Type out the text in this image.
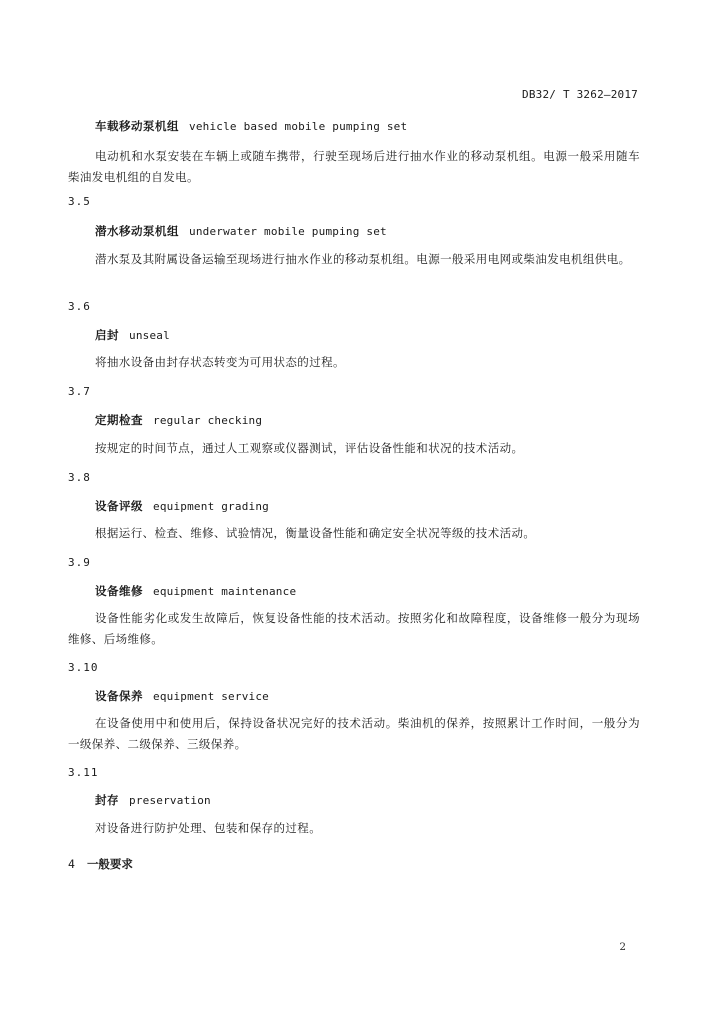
DB32/ T 3262—2017
车载移动泵机组 vehicle based mobile pumping set
电动机和水泵安装在车辆上或随车携带，行驶至现场后进行抽水作业的移动泵机组。电源一般采用随车柴油发电机组的自发电。
3.5
潜水移动泵机组 underwater mobile pumping set
潜水泵及其附属设备运输至现场进行抽水作业的移动泵机组。电源一般采用电网或柴油发电机组供电。
3.6
启封 unseal
将抽水设备由封存状态转变为可用状态的过程。
3.7
定期检查 regular checking
按规定的时间节点，通过人工观察或仪器测试，评估设备性能和状况的技术活动。
3.8
设备评级 equipment grading
根据运行、检查、维修、试验情况，衡量设备性能和确定安全状况等级的技术活动。
3.9
设备维修 equipment maintenance
设备性能劣化或发生故障后，恢复设备性能的技术活动。按照劣化和故障程度，设备维修一般分为现场维修、后场维修。
3.10
设备保养 equipment service
在设备使用中和使用后，保持设备状况完好的技术活动。柴油机的保养，按照累计工作时间，一般分为一级保养、二级保养、三级保养。
3.11
封存 preservation
对设备进行防护处理、包装和保存的过程。
4 一般要求
2
